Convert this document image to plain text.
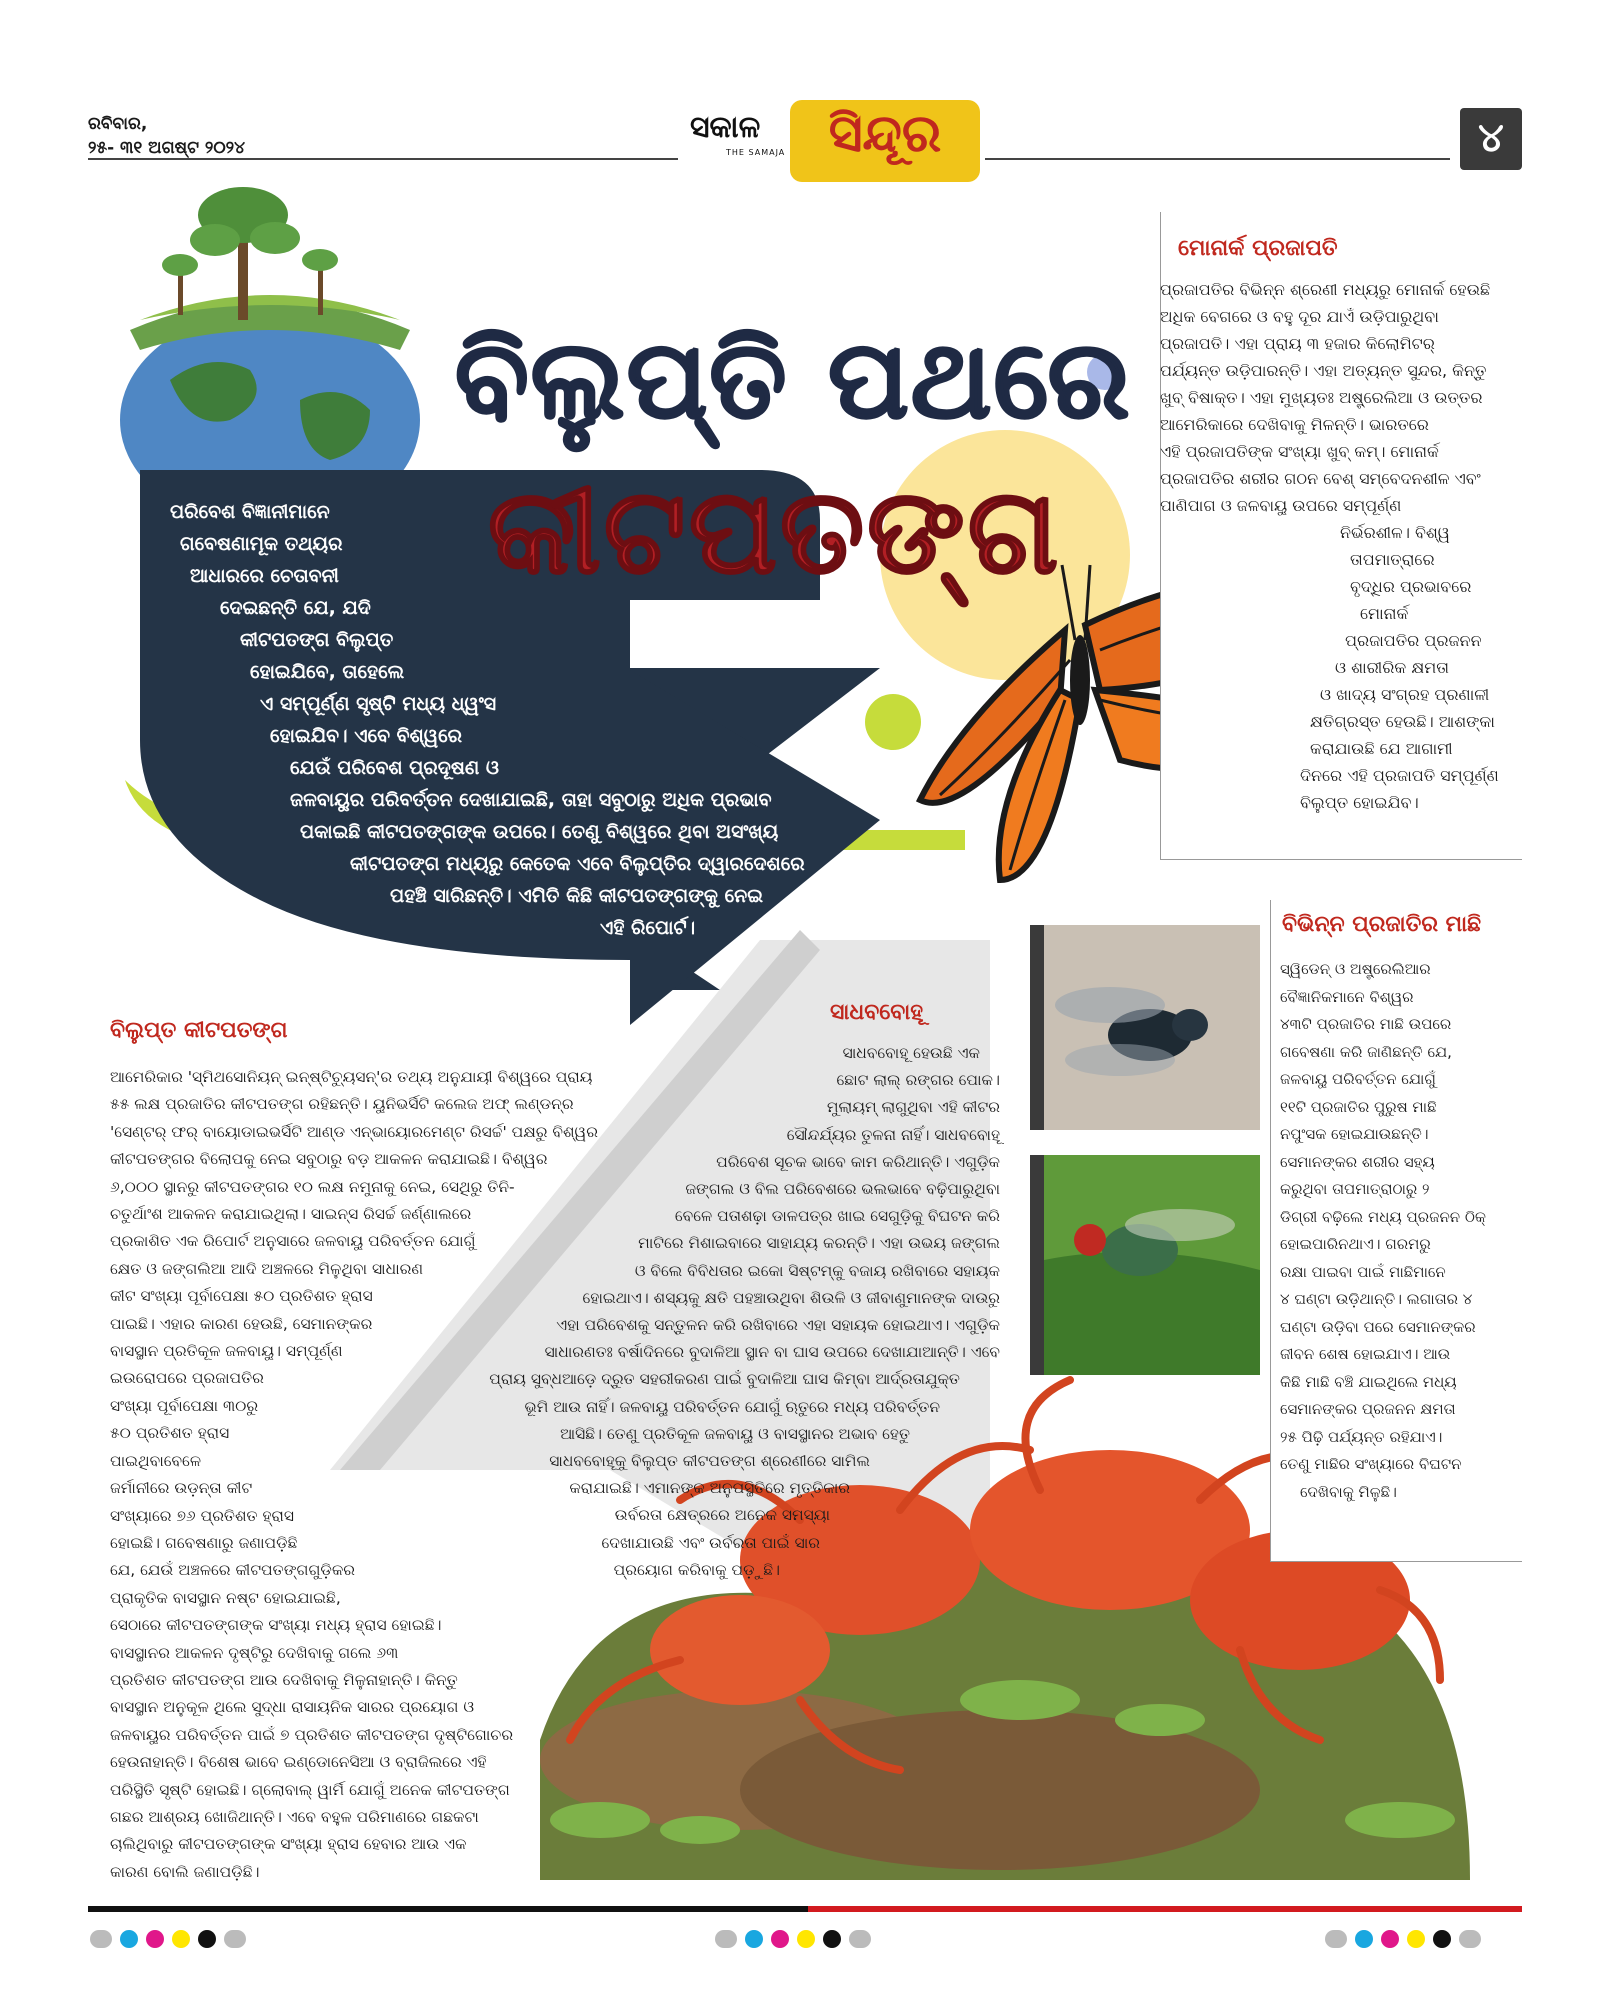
ରବିବାର,
୨୫- ୩୧ ଅଗଷ୍ଟ ୨୦୨୪
ସକାଳ
THE SAMAJA ସିନ୍ଦୂର	୪
ବିଲୁପ୍ତି ପଥରେ
କୀଟପତଙ୍ଗ
ପରିବେଶ ବିଜ୍ଞାନୀମାନେ
ଗବେଷଣାମୂକ ତଥ୍ୟର
ଆଧାରରେ ଚେତାବନୀ
ଦେଇଛନ୍ତି ଯେ, ଯଦି
କୀଟପତଙ୍ଗ ବିଲୁପ୍ତ
ହୋଇଯିବେ, ତାହେଲେ
ଏ ସମ୍ପୂର୍ଣ୍ଣ ସୃଷ୍ଟି ମଧ୍ୟ ଧ୍ୱଂସ
ହୋଇଯିବ। ଏବେ ବିଶ୍ୱରେ
ଯେଉଁ ପରିବେଶ ପ୍ରଦୂଷଣ ଓ
ଜଳବାୟୁର ପରିବର୍ତ୍ତନ ଦେଖାଯାଇଛି, ତାହା ସବୁଠାରୁ ଅଧିକ ପ୍ରଭାବ
ପକାଇଛି କୀଟପତଙ୍ଗଙ୍କ ଉପରେ। ତେଣୁ ବିଶ୍ୱରେ ଥିବା ଅସଂଖ୍ୟ
କୀଟପତଙ୍ଗ ମଧ୍ୟରୁ କେତେକ ଏବେ ବିଲୁପ୍ତିର ଦ୍ୱାରଦେଶରେ
ପହଞ୍ଚି ସାରିଛନ୍ତି। ଏମିତି କିଛି କୀଟପତଙ୍ଗଙ୍କୁ ନେଇ
ଏହି ରିପୋର୍ଟ।
ମୋନାର୍କ ପ୍ରଜାପତି
ପ୍ରଜାପତିର ବିଭିନ୍ନ ଶ୍ରେଣୀ ମଧ୍ୟରୁ ମୋନାର୍କ ହେଉଛି
ଅଧିକ ବେଗରେ ଓ ବହୁ ଦୂର ଯାଏଁ ଉଡ଼ିପାରୁଥିବା
ପ୍ରଜାପତି। ଏହା ପ୍ରାୟ ୩ ହଜାର କିଲୋମିଟର୍
ପର୍ଯ୍ୟନ୍ତ ଉଡ଼ିପାରନ୍ତି। ଏହା ଅତ୍ୟନ୍ତ ସୁନ୍ଦର, କିନ୍ତୁ
ଖୁବ୍ ବିଷାକ୍ତ। ଏହା ମୁଖ୍ୟତଃ ଅଷ୍ଟ୍ରେଲିଆ ଓ ଉତ୍ତର
ଆମେରିକାରେ ଦେଖିବାକୁ ମିଳନ୍ତି। ଭାରତରେ
ଏହି ପ୍ରଜାପତିଙ୍କ ସଂଖ୍ୟା ଖୁବ୍ କମ୍। ମୋନାର୍କ
ପ୍ରଜାପତିର ଶରୀର ଗଠନ ବେଶ୍ ସମ୍ବେଦନଶୀଳ ଏବଂ
ପାଣିପାଗ ଓ ଜଳବାୟୁ ଉପରେ ସମ୍ପୂର୍ଣ୍ଣ
ନିର୍ଭରଶୀଳ। ବିଶ୍ୱ
ତାପମାତ୍ରାରେ
ବୃଦ୍ଧିର ପ୍ରଭାବରେ
ମୋନାର୍କ
ପ୍ରଜାପତିର ପ୍ରଜନନ
ଓ ଶାରୀରିକ କ୍ଷମତା
ଓ ଖାଦ୍ୟ ସଂଗ୍ରହ ପ୍ରଣାଳୀ
କ୍ଷତିଗ୍ରସ୍ତ ହେଉଛି। ଆଶଙ୍କା
କରାଯାଉଛି ଯେ ଆଗାମୀ
ଦିନରେ ଏହି ପ୍ରଜାପତି ସମ୍ପୂର୍ଣ୍ଣ
ବିଲୁପ୍ତ ହୋଇଯିବ।
ବିଭିନ୍ନ ପ୍ରଜାତିର ମାଛି
ସ୍ୱିଡେନ୍ ଓ ଅଷ୍ଟ୍ରେଲିଆର
ବୈଜ୍ଞାନିକମାନେ ବିଶ୍ୱର
୪୩ଟି ପ୍ରଜାତିର ମାଛି ଉପରେ
ଗବେଷଣା କରି ଜାଣିଛନ୍ତି ଯେ,
ଜଳବାୟୁ ପରିବର୍ତ୍ତନ ଯୋଗୁଁ
୧୧ଟି ପ୍ରଜାତିର ପୁରୁଷ ମାଛି
ନପୁଂସକ ହୋଇଯାଉଛନ୍ତି।
ସେମାନଙ୍କର ଶରୀର ସହ୍ୟ
କରୁଥିବା ତାପମାତ୍ରାଠାରୁ ୨
ଡିଗ୍ରୀ ବଢ଼ିଲେ ମଧ୍ୟ ପ୍ରଜନନ ଠିକ୍
ହୋଇପାରିନଥାଏ। ଗରମରୁ
ରକ୍ଷା ପାଇବା ପାଇଁ ମାଛିମାନେ
୪ ଘଣ୍ଟା ଉଡ଼ିଥାନ୍ତି। ଲଗାତାର ୪
ଘଣ୍ଟା ଉଡ଼ିବା ପରେ ସେମାନଙ୍କର
ଜୀବନ ଶେଷ ହୋଇଯାଏ। ଆଉ
କିଛି ମାଛି ବଞ୍ଚି ଯାଇଥିଲେ ମଧ୍ୟ
ସେମାନଙ୍କର ପ୍ରଜନନ କ୍ଷମତା
୨୫ ପିଢ଼ି ପର୍ଯ୍ୟନ୍ତ ରହିଯାଏ।
ତେଣୁ ମାଛିର ସଂଖ୍ୟାରେ ବିଘଟନ
ଦେଖିବାକୁ ମିଳୁଛି।
ସାଧବବୋହୂ
ସାଧବବୋହୂ ହେଉଛି ଏକ
ଛୋଟ ଲାଲ୍ ରଙ୍ଗର ପୋକ।
ମୁଲାୟମ୍ ଲାଗୁଥିବା ଏହି କୀଟର
ସୌନ୍ଦର୍ଯ୍ୟର ତୁଳନା ନାହିଁ। ସାଧବବୋହୂ
ପରିବେଶ ସୂଚକ ଭାବେ କାମ କରିଥାନ୍ତି। ଏଗୁଡ଼ିକ
ଜଙ୍ଗଲ ଓ ବିଲ ପରିବେଶରେ ଭଲଭାବେ ବଢ଼ିପାରୁଥିବା
ବେଳେ ପତାଶଢ଼ା ଡାଳପତ୍ର ଖାଇ ସେଗୁଡ଼ିକୁ ବିଘଟନ କରି
ମାଟିରେ ମିଶାଇବାରେ ସାହାଯ୍ୟ କରନ୍ତି। ଏହା ଉଭୟ ଜଙ୍ଗଲ
ଓ ବିଲେ ବିବିଧତାର ଇକୋ ସିଷ୍ଟମ୍‌କୁ ବଜାୟ ରଖିବାରେ ସହାୟକ
ହୋଇଥାଏ। ଶସ୍ୟକୁ କ୍ଷତି ପହଞ୍ଚାଉଥିବା ଶିଉଳି ଓ ଜୀବାଣୁମାନଙ୍କ ଦାଉରୁ
ଏହା ପରିବେଶକୁ ସନ୍ତୁଳନ କରି ରଖିବାରେ ଏହା ସହାୟକ ହୋଇଥାଏ। ଏଗୁଡ଼ିକ
ସାଧାରଣତଃ ବର୍ଷାଦିନରେ ବୁଦାଳିଆ ସ୍ଥାନ ବା ଘାସ ଉପରେ ଦେଖାଯାଆନ୍ତି। ଏବେ
ପ୍ରାୟ ସୁବ୍ଧଆଡ଼େ ଦ୍ରୁତ ସହରୀକରଣ ପାଇଁ ବୁଦାଳିଆ ଘାସ କିମ୍ବା ଆର୍ଦ୍ରତାଯୁକ୍ତ
ଭୂମି ଆଉ ନାହିଁ। ଜଳବାୟୁ ପରିବର୍ତ୍ତନ ଯୋଗୁଁ ଋତୁରେ ମଧ୍ୟ ପରିବର୍ତ୍ତନ
ଆସିଛି। ତେଣୁ ପ୍ରତିକୂଳ ଜଳବାୟୁ ଓ ବାସସ୍ଥାନର ଅଭାବ ହେତୁ
ସାଧବବୋହୂକୁ ବିଲୁପ୍ତ କୀଟପତଙ୍ଗ ଶ୍ରେଣୀରେ ସାମିଲ
କରାଯାଇଛି। ଏମାନଙ୍କ ଅନୁପସ୍ଥିତିରେ ମୃତ୍ତିକାର
ଉର୍ବରତା କ୍ଷେତ୍ରରେ ଅନେକ ସମସ୍ୟା
ଦେଖାଯାଉଛି ଏବଂ ଉର୍ବରତା ପାଇଁ ସାର
ପ୍ରୟୋଗ କରିବାକୁ ପଡ଼ୁଛି।
ବିଲୁପ୍ତ କୀଟପତଙ୍ଗ
ଆମେରିକାର 'ସ୍ମିଥସୋନିୟନ୍ ଇନ୍ଷ୍ଟିଚ୍ୟୁସନ୍'ର ତଥ୍ୟ ଅନୁଯାୟୀ ବିଶ୍ୱରେ ପ୍ରାୟ
୫୫ ଲକ୍ଷ ପ୍ରଜାତିର କୀଟପତଙ୍ଗ ରହିଛନ୍ତି। ୟୁନିଭର୍ସିଟି କଲେଜ ଅଫ୍ ଲଣ୍ଡନ୍‌ର
'ସେଣ୍ଟର୍ ଫର୍ ବାୟୋଡାଇଭର୍ସିଟି ଆଣ୍ଡ ଏନ୍ଭାୟୋରମେଣ୍ଟ ରିସର୍ଚ୍ଚ' ପକ୍ଷରୁ ବିଶ୍ୱର
କୀଟପତଙ୍ଗର ବିଲୋପକୁ ନେଇ ସବୁଠାରୁ ବଡ଼ ଆକଳନ କରାଯାଇଛି। ବିଶ୍ୱର
୬,୦୦୦ ସ୍ଥାନରୁ କୀଟପତଙ୍ଗର ୧୦ ଲକ୍ଷ ନମୁନାକୁ ନେଇ, ସେଥିରୁ ତିନି-
ଚତୁର୍ଥାଂଶ ଆକଳନ କରାଯାଇଥିଲା। ସାଇନ୍ସ ରିସର୍ଚ୍ଚ ଜର୍ଣ୍ଣାଲରେ
ପ୍ରକାଶିତ ଏକ ରିପୋର୍ଟ ଅନୁସାରେ ଜଳବାୟୁ ପରିବର୍ତ୍ତନ ଯୋଗୁଁ
କ୍ଷେତ ଓ ଜଙ୍ଗଲିଆ ଆଦି ଅଞ୍ଚଳରେ ମିଳୁଥିବା ସାଧାରଣ
କୀଟ ସଂଖ୍ୟା ପୂର୍ବାପେକ୍ଷା ୫୦ ପ୍ରତିଶତ ହ୍ରାସ
ପାଇଛି। ଏହାର କାରଣ ହେଉଛି, ସେମାନଙ୍କର
ବାସସ୍ଥାନ ପ୍ରତିକୂଳ ଜଳବାୟୁ। ସମ୍ପୂର୍ଣ୍ଣ
ଇଉରୋପରେ ପ୍ରଜାପତିର
ସଂଖ୍ୟା ପୂର୍ବାପେକ୍ଷା ୩୦ରୁ
୫୦ ପ୍ରତିଶତ ହ୍ରାସ
ପାଇଥିବାବେଳେ
ଜର୍ମାନୀରେ ଉଡ଼ନ୍ତା କୀଟ
ସଂଖ୍ୟାରେ ୭୬ ପ୍ରତିଶତ ହ୍ରାସ
ହୋଇଛି। ଗବେଷଣାରୁ ଜଣାପଡ଼ିଛି
ଯେ, ଯେଉଁ ଅଞ୍ଚଳରେ କୀଟପତଙ୍ଗଗୁଡ଼ିକର
ପ୍ରାକୃତିକ ବାସସ୍ଥାନ ନଷ୍ଟ ହୋଇଯାଇଛି,
ସେଠାରେ କୀଟପତଙ୍ଗଙ୍କ ସଂଖ୍ୟା ମଧ୍ୟ ହ୍ରାସ ହୋଇଛି।
ବାସସ୍ଥାନର ଆକଳନ ଦୃଷ୍ଟିରୁ ଦେଖିବାକୁ ଗଲେ ୬୩
ପ୍ରତିଶତ କୀଟପତଙ୍ଗ ଆଉ ଦେଖିବାକୁ ମିଳୁନାହାନ୍ତି। କିନ୍ତୁ
ବାସସ୍ଥାନ ଅନୁକୂଳ ଥିଲେ ସୁଦ୍ଧା ରାସାୟନିକ ସାରର ପ୍ରୟୋଗ ଓ
ଜଳବାୟୁର ପରିବର୍ତ୍ତନ ପାଇଁ ୭ ପ୍ରତିଶତ କୀଟପତଙ୍ଗ ଦୃଷ୍ଟିଗୋଚର
ହେଉନାହାନ୍ତି। ବିଶେଷ ଭାବେ ଇଣ୍ଡୋନେସିଆ ଓ ବ୍ରାଜିଲରେ ଏହି
ପରିସ୍ଥିତି ସୃଷ୍ଟି ହୋଇଛି। ଗ୍ଲୋବାଲ୍ ୱାର୍ମି ଯୋଗୁଁ ଅନେକ କୀଟପତଙ୍ଗ
ଗଛର ଆଶ୍ରୟ ଖୋଜିଥାନ୍ତି। ଏବେ ବହୁଳ ପରିମାଣରେ ଗଛକଟା
ଚାଲିଥିବାରୁ କୀଟପତଙ୍ଗଙ୍କ ସଂଖ୍ୟା ହ୍ରାସ ହେବାର ଆଉ ଏକ
କାରଣ ବୋଲି ଜଣାପଡ଼ିଛି।
